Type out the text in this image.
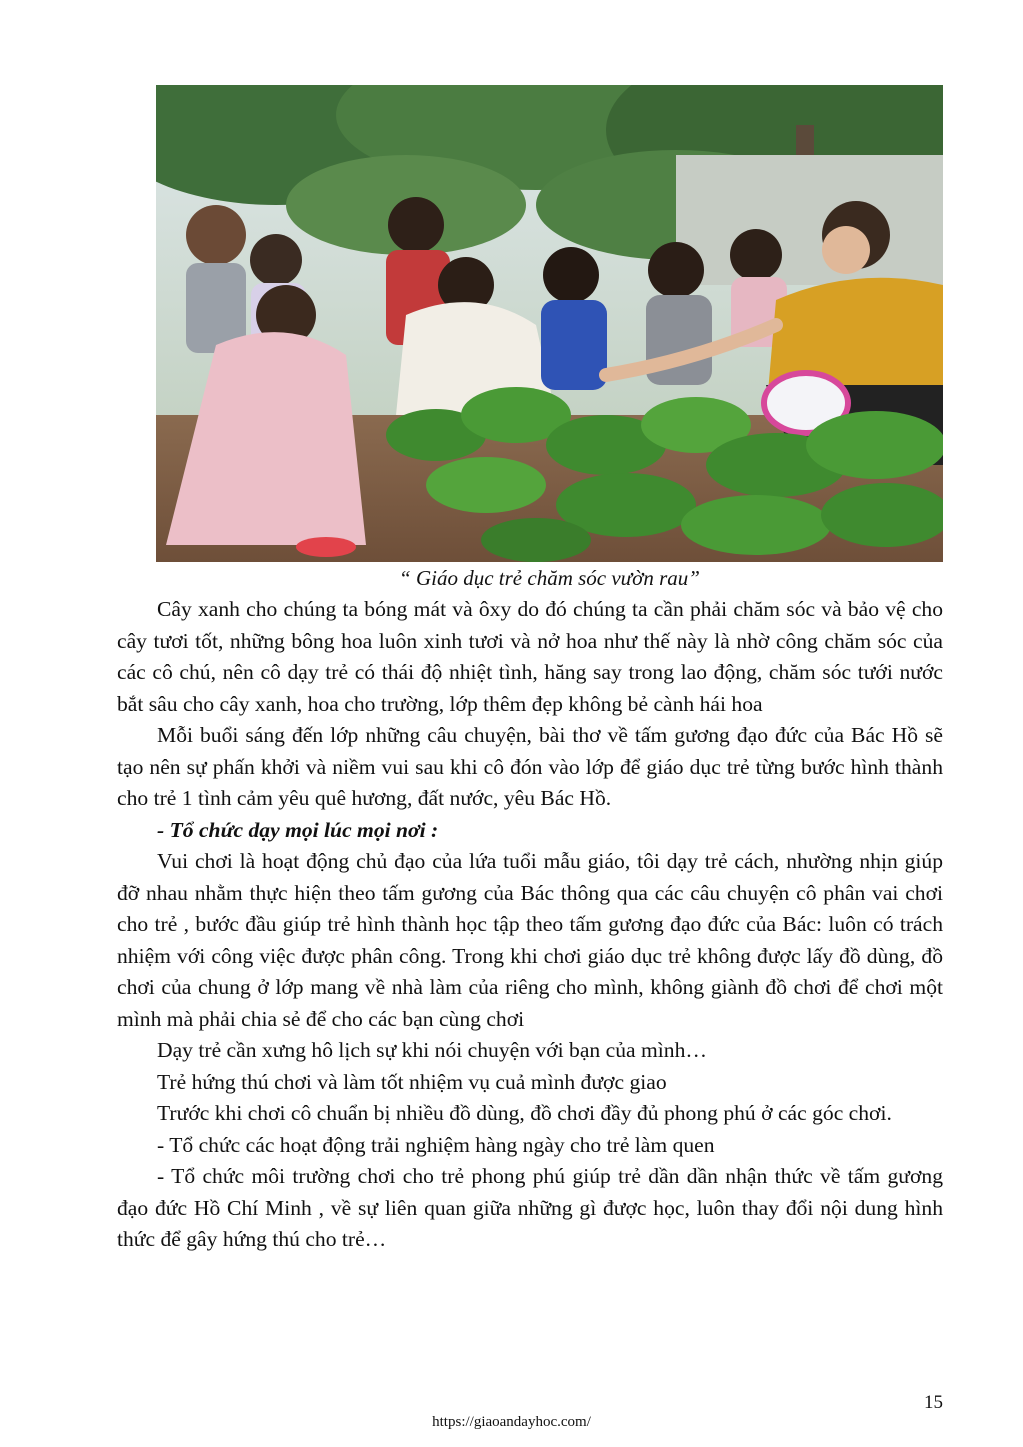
“ Giáo dục trẻ chăm sóc vườn rau”

Cây xanh cho chúng ta bóng mát và ôxy do đó chúng ta cần phải chăm sóc và bảo vệ cho cây tươi tốt, những bông hoa luôn xinh tươi và nở hoa như thế này là nhờ công chăm sóc của các cô chú, nên cô dạy trẻ có thái độ nhiệt tình, hăng say trong lao động, chăm sóc tưới nước bắt sâu cho cây xanh, hoa cho trường, lớp thêm đẹp không bẻ cành hái hoa

Mỗi buổi sáng đến lớp những câu chuyện, bài thơ về tấm gương đạo đức của Bác Hồ sẽ tạo nên sự phấn khởi và niềm vui sau khi cô đón vào lớp để giáo dục trẻ từng bước hình thành cho trẻ 1 tình cảm yêu quê hương, đất nước, yêu Bác Hồ.

- Tổ chức dạy mọi lúc mọi nơi :

Vui chơi là hoạt động chủ đạo của lứa tuổi mẫu giáo, tôi dạy trẻ cách, nhường nhịn giúp đỡ nhau nhằm thực hiện theo tấm gương của Bác thông qua các câu chuyện cô phân vai chơi cho trẻ , bước đầu giúp trẻ hình thành học tập theo tấm gương đạo đức của Bác: luôn có trách nhiệm với công việc được phân công. Trong khi chơi giáo dục trẻ không được lấy đồ dùng, đồ chơi của chung ở lớp mang về nhà làm của riêng cho mình, không giành đồ chơi để chơi một mình mà phải chia sẻ để cho các bạn cùng chơi

Dạy trẻ cần xưng hô lịch sự khi nói chuyện với bạn của mình…

Trẻ hứng thú chơi và làm tốt nhiệm vụ cuả mình được giao

Trước khi chơi cô chuẩn bị nhiều đồ dùng, đồ chơi đầy đủ phong phú ở các góc chơi.

- Tổ chức các hoạt động trải nghiệm hàng ngày cho trẻ làm quen

- Tổ chức môi trường chơi cho trẻ phong phú giúp trẻ dần dần nhận thức về tấm gương đạo đức Hồ Chí Minh , về sự liên quan giữa những gì được học, luôn thay đổi nội dung hình thức để gây hứng thú cho trẻ…

15
https://giaoandayhoc.com/
